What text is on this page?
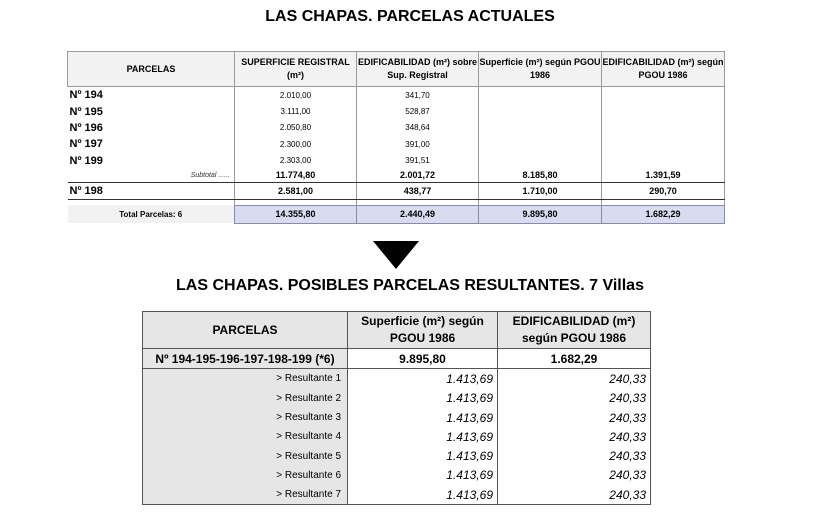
LAS CHAPAS. PARCELAS ACTUALES
PARCELAS	SUPERFICIE REGISTRAL (m²)	EDIFICABILIDAD (m²) sobre Sup. Registral	Superficie (m²) según PGOU 1986	EDIFICABILIDAD (m²) según PGOU 1986
Nº 194	2.010,00	341,70		
Nº 195	3.111,00	528,87		
Nº 196	2.050,80	348,64		
Nº 197	2.300,00	391,00		
Nº 199	2.303,00	391,51		
Subtotal ......	11.774,80	2.001,72	8.185,80	1.391,59
Nº 198	2.581,00	438,77	1.710,00	290,70

Total Parcelas: 6	14.355,80	2.440,49	9.895,80	1.682,29
LAS CHAPAS. POSIBLES PARCELAS RESULTANTES. 7 Villas
PARCELAS	Superficie (m²) según PGOU 1986	EDIFICABILIDAD (m²) según PGOU 1986
Nº 194-195-196-197-198-199 (*6)	9.895,80	1.682,29
> Resultante 1	1.413,69	240,33
> Resultante 2	1.413,69	240,33
> Resultante 3	1.413,69	240,33
> Resultante 4	1.413,69	240,33
> Resultante 5	1.413,69	240,33
> Resultante 6	1.413,69	240,33
> Resultante 7	1.413,69	240,33
